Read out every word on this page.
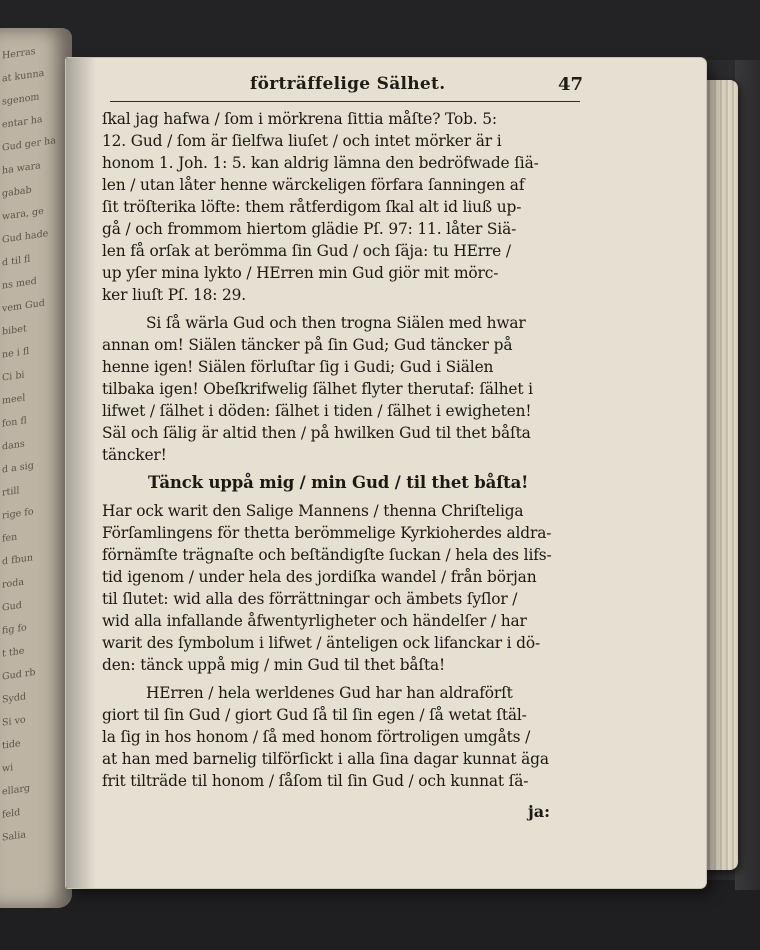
Herras
at kunna
sgenom
entar ha
Gud ger ha
ha wara
gabab
wara, ge
Gud hade
d til fl
ns med
vem Gud
bibet
ne i fl
Ci bi
meel
fon fl
dans
d a sig
rtill
rige fo
fen
d fbun
roda
Gud
fig fo
t the
Gud rb
Sydd
Si vo
tide
wi
ellarg
feld
Salia
förträffelige Sälhet.	47
ſkal jag hafwa / ſom i mörkrena ſittia måſte? Tob. 5:
12. Gud / ſom är ſielfwa liuſet / och intet mörker är i
honom 1. Joh. 1: 5. kan aldrig lämna den bedröfwade ſiä-
len / utan låter henne wärckeligen förfara ſanningen af
ſit tröſterika löfte: them råtferdigom ſkal alt id liuß up-
gå / och frommom hiertom glädie Pſ. 97: 11. låter Siä-
len få orſak at berömma ſin Gud / och ſäja: tu HErre /
up yſer mina lykto / HErren min Gud giör mit mörc-
ker liuſt Pſ. 18: 29.
Si ſå wärla Gud och then trogna Siälen med hwar
annan om! Siälen täncker på ſin Gud; Gud täncker på
henne igen! Siälen förluſtar ſig i Gudi; Gud i Siälen
tilbaka igen! Obeſkrifwelig ſälhet flyter therutaf: ſälhet i
lifwet / ſälhet i döden: ſälhet i tiden / ſälhet i ewigheten!
Säl och ſälig är altid then / på hwilken Gud til thet båſta
täncker!
Tänck uppå mig / min Gud / til thet båſta!
Har ock warit den Salige Mannens / thenna Chriſteliga
Förſamlingens för thetta berömmelige Kyrkioherdes aldra-
förnämſte trägnaſte och beſtändigſte ſuckan / hela des lifs-
tid igenom / under hela des jordiſka wandel / från början
til ſlutet: wid alla des förrättningar och ämbets ſyſlor /
wid alla infallande åfwentyrligheter och händelſer / har
warit des ſymbolum i lifwet / änteligen ock lifanckar i dö-
den: tänck uppå mig / min Gud til thet båſta!
HErren / hela werldenes Gud har han aldraförſt
giort til ſin Gud / giort Gud ſå til ſin egen / ſå wetat ſtäl-
la ſig in hos honom / ſå med honom förtroligen umgåts /
at han med barnelig tilförſickt i alla ſina dagar kunnat äga
frit tilträde til honom / ſåſom til ſin Gud / och kunnat ſä-
ja:
